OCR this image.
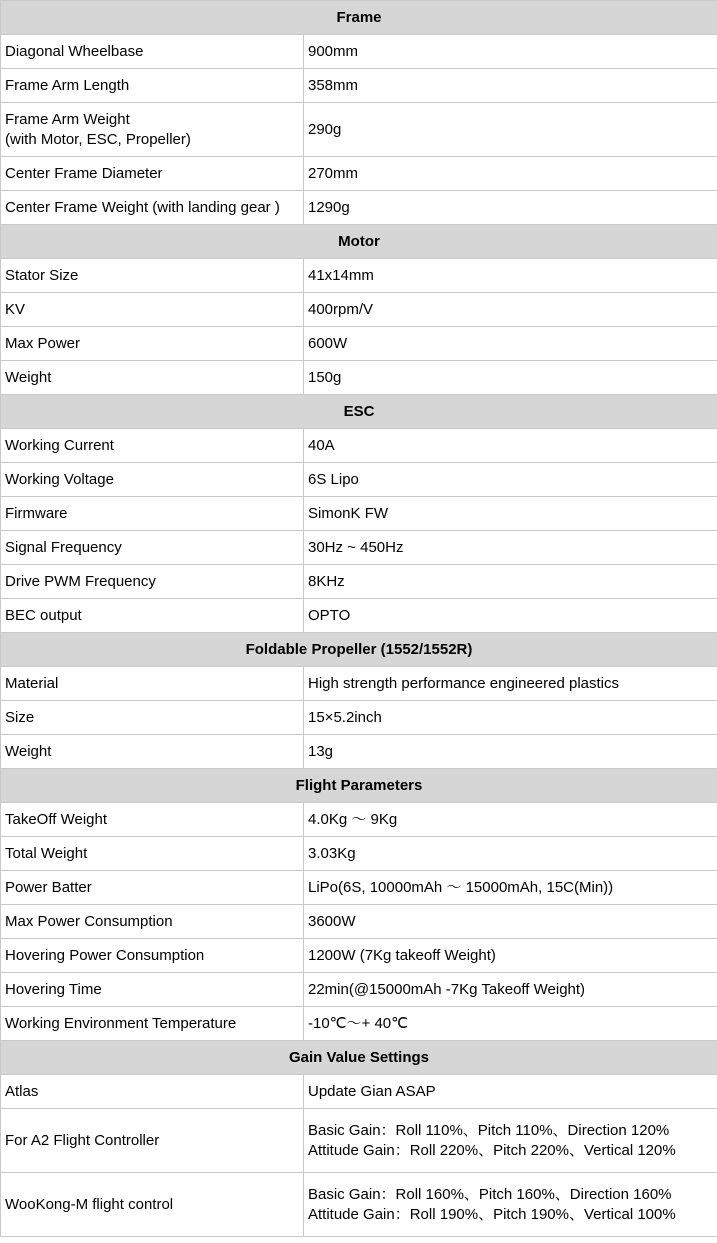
Frame	
Diagonal Wheelbase	900mm
Frame Arm Length	358mm
Frame Arm Weight
(with Motor, ESC, Propeller)	290g
Center Frame Diameter	270mm
Center Frame Weight (with landing gear )	1290g
Motor	
Stator Size	41x14mm
KV	400rpm/V
Max Power	600W
Weight	150g
ESC	
Working Current	40A
Working Voltage	6S Lipo
Firmware	SimonK FW
Signal Frequency	30Hz ~ 450Hz
Drive PWM Frequency	8KHz
BEC output	OPTO
Foldable Propeller (1552/1552R)	
Material	High strength performance engineered plastics
Size	15×5.2inch
Weight	13g
Flight Parameters	
TakeOff Weight	4.0Kg ～ 9Kg
Total Weight	3.03Kg
Power Batter	LiPo(6S, 10000mAh ～ 15000mAh, 15C(Min))
Max Power Consumption	3600W
Hovering Power Consumption	1200W (7Kg takeoff Weight)
Hovering Time	22min(@15000mAh -7Kg Takeoff Weight)
Working Environment Temperature	-10℃～+ 40℃
Gain Value Settings	
Atlas	Update Gian ASAP
For A2 Flight Controller	Basic Gain：Roll 110%、Pitch 110%、Direction 120%
Attitude Gain：Roll 220%、Pitch 220%、Vertical 120%
WooKong-M flight control	Basic Gain：Roll 160%、Pitch 160%、Direction 160%
Attitude Gain：Roll 190%、Pitch 190%、Vertical 100%
